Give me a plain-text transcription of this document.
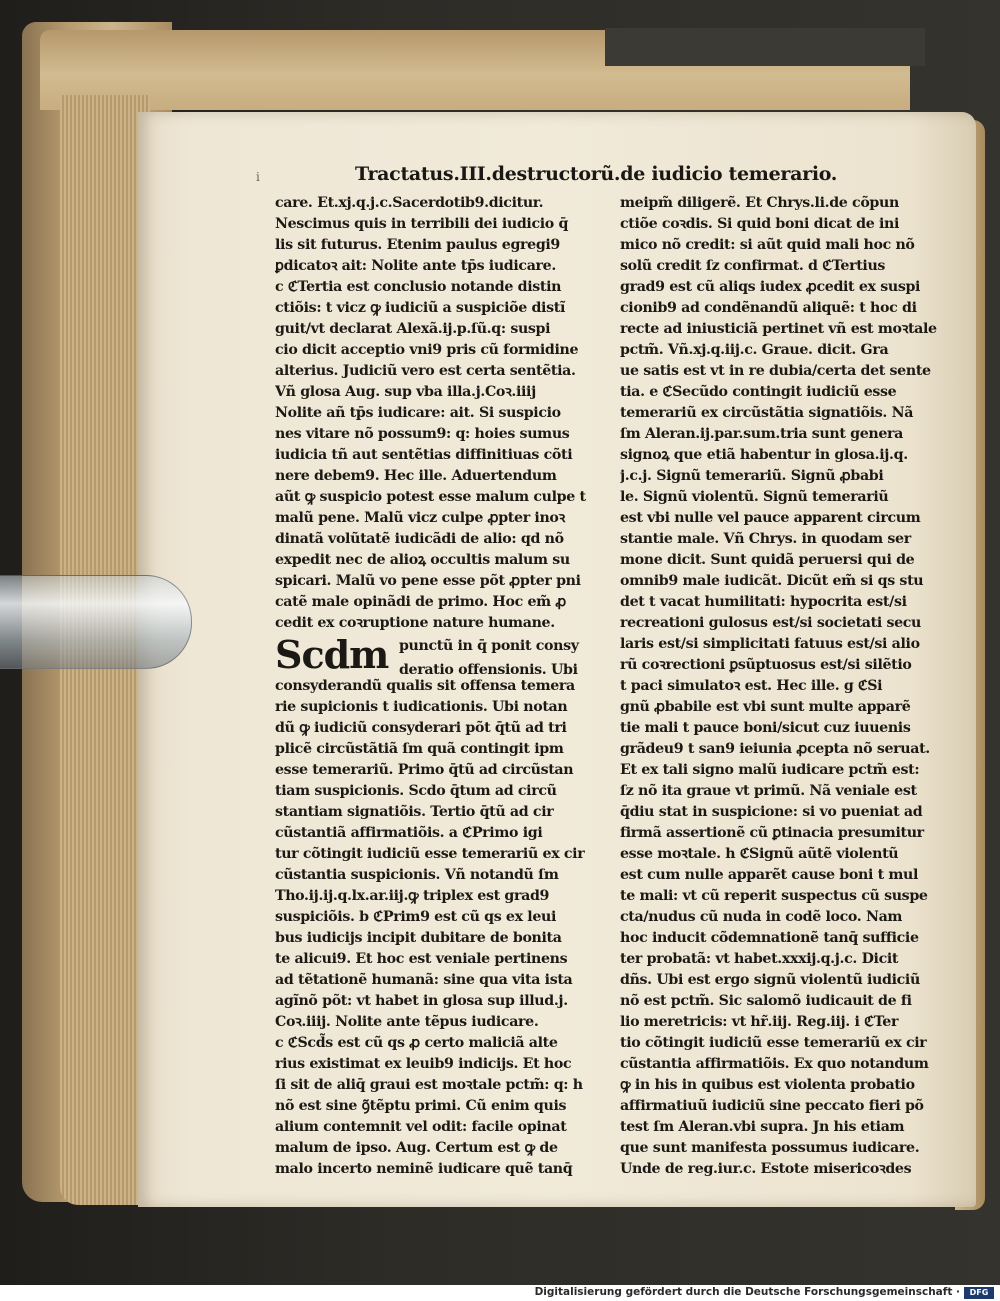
i	Tractatus.III.destructorũ.de iudicio temerario.
care. Et.xj.q.j.c.Sacerdotib9.dicitur.
Nescimus quis in terribili dei iudicio q̄
lis sit futurus. Etenim paulus egregi9
ꝑdicatoꝛ ait: Nolite ante tp̄s iudicare.
c ℭTertia est conclusio notande distin
ctiõis: t vicz ꝙ iudiciũ a suspiciõe distĩ
guit/vt declarat Alexã.ij.p.ſũ.q: suspi
cio dicit acceptio vni9 pris cũ formidine
alterius. Judiciũ vero est certa sentẽtia.
Vñ glosa Aug. sup vba illa.j.Coꝛ.iiij
Nolite añ tp̄s iudicare: ait. Si suspicio
nes vitare nõ possum9: q: hoies sumus
iudicia tñ aut sentẽtias diffinitiuas cõti
nere debem9. Hec ille. Aduertendum
aũt ꝙ suspicio potest esse malum culpe t
malũ pene. Malũ vicz culpe ꝓpter inoꝛ
dinatã volũtatẽ iudicãdi de alio: qd nõ
expedit nec de alioꝝ occultis malum su
spicari. Malũ vo pene esse põt ꝓpter pni
catẽ male opinãdi de primo. Hoc em̃ ꝓ
cedit ex coꝛruptione nature humane.
Scdm punctũ in q̄ ponit consy
deratio offensionis. Ubi
consyderandũ qualis sit offensa temera
rie supicionis t iudicationis. Ubi notan
dũ ꝙ iudiciũ consyderari põt q̄tũ ad tri
plicẽ circũstãtiã ſm quã contingit ipm
esse temerariũ. Primo q̄tũ ad circũstan
tiam suspicionis. Scdo q̄tum ad circũ
stantiam signatiõis. Tertio q̄tũ ad cir
cũstantiã affirmatiõis. a ℭPrimo igi
tur cõtingit iudiciũ esse temerariũ ex cir
cũstantia suspicionis. Vñ notandũ ſm
Tho.ij.ij.q.lx.ar.iij.ꝙ triplex est grad9
suspiciõis. b ℭPrim9 est cũ qs ex leui
bus iudicijs incipit dubitare de bonita
te alicui9. Et hoc est veniale pertinens
ad tẽtationẽ humanã: sine qua vita ista
agĩnõ põt: vt habet in glosa sup illud.j.
Coꝛ.iiij. Nolite ante tẽpus iudicare.
c ℭScd̃s est cũ qs ꝓ certo maliciã alte
rius existimat ex leuib9 indicijs. Et hoc
ſi sit de aliq̄ graui est moꝛtale pctm̃: q: h
nõ est sine ꝯ̃tẽptu primi. Cũ enim quis
alium contemnit vel odit: facile opinat
malum de ipso. Aug. Certum est ꝙ de
malo incerto neminẽ iudicare quẽ tanq̄
meipm̃ diligerẽ. Et Chrys.li.de cõpun
ctiõe coꝛdis. Si quid boni dicat de ini
mico nõ credit: si aũt quid mali hoc nõ
solũ credit ſz confirmat. d ℭTertius
grad9 est cũ aliqs iudex ꝓcedit ex suspi
cionib9 ad condẽnandũ aliquẽ: t hoc di
recte ad iniusticiã pertinet vñ est moꝛtale
pctm̃. Vñ.xj.q.iij.c. Graue. dicit. Gra
ue satis est vt in re dubia/certa det sente
tia. e ℭSecũdo contingit iudiciũ esse
temerariũ ex circũstãtia signatiõis. Nã
ſm Aleran.ij.par.sum.tria sunt genera
signoꝝ que etiã habentur in glosa.ij.q.
j.c.j. Signũ temerariũ. Signũ ꝓbabi
le. Signũ violentũ. Signũ temerariũ
est vbi nulle vel pauce apparent circum
stantie male. Vñ Chrys. in quodam ser
mone dicit. Sunt quidã peruersi qui de
omnib9 male iudicãt. Dicũt em̃ si qs stu
det t vacat humilitati: hypocrita est/si
recreationi gulosus est/si societati secu
laris est/si simplicitati fatuus est/si alio
rũ coꝛrectioni ꝑsũptuosus est/si silẽtio
t paci simulatoꝛ est. Hec ille. g ℭSi
gnũ ꝓbabile est vbi sunt multe apparẽ
tie mali t pauce boni/sicut cuz iuuenis
grãdeu9 t san9 ieiunia ꝓcepta nõ seruat.
Et ex tali signo malũ iudicare pctm̃ est:
ſz nõ ita graue vt primũ. Nã veniale est
q̄diu stat in suspicione: si vo pueniat ad
firmã assertionẽ cũ ꝑtinacia presumitur
esse moꝛtale. h ℭSignũ aũtẽ violentũ
est cum nulle apparẽt cause boni t mul
te mali: vt cũ reperit suspectus cũ suspe
cta/nudus cũ nuda in codẽ loco. Nam
hoc inducit cõdemnationẽ tanq̄ sufficie
ter probatã: vt habet.xxxij.q.j.c. Dicit
dñs. Ubi est ergo signũ violentũ iudiciũ
nõ est pctm̃. Sic salomõ iudicauit de fi
lio meretricis: vt hr̃.iij. Reg.iij. i ℭTer
tio cõtingit iudiciũ esse temerariũ ex cir
cũstantia affirmatiõis. Ex quo notandum
ꝙ in his in quibus est violenta probatio
affirmatiuũ iudiciũ sine peccato fieri põ
test ſm Aleran.vbi supra. Jn his etiam
que sunt manifesta possumus iudicare.
Unde de reg.iur.c. Estote misericoꝛdes
Digitalisierung gefördert durch die Deutsche Forschungsgemeinschaft ·	DFG
